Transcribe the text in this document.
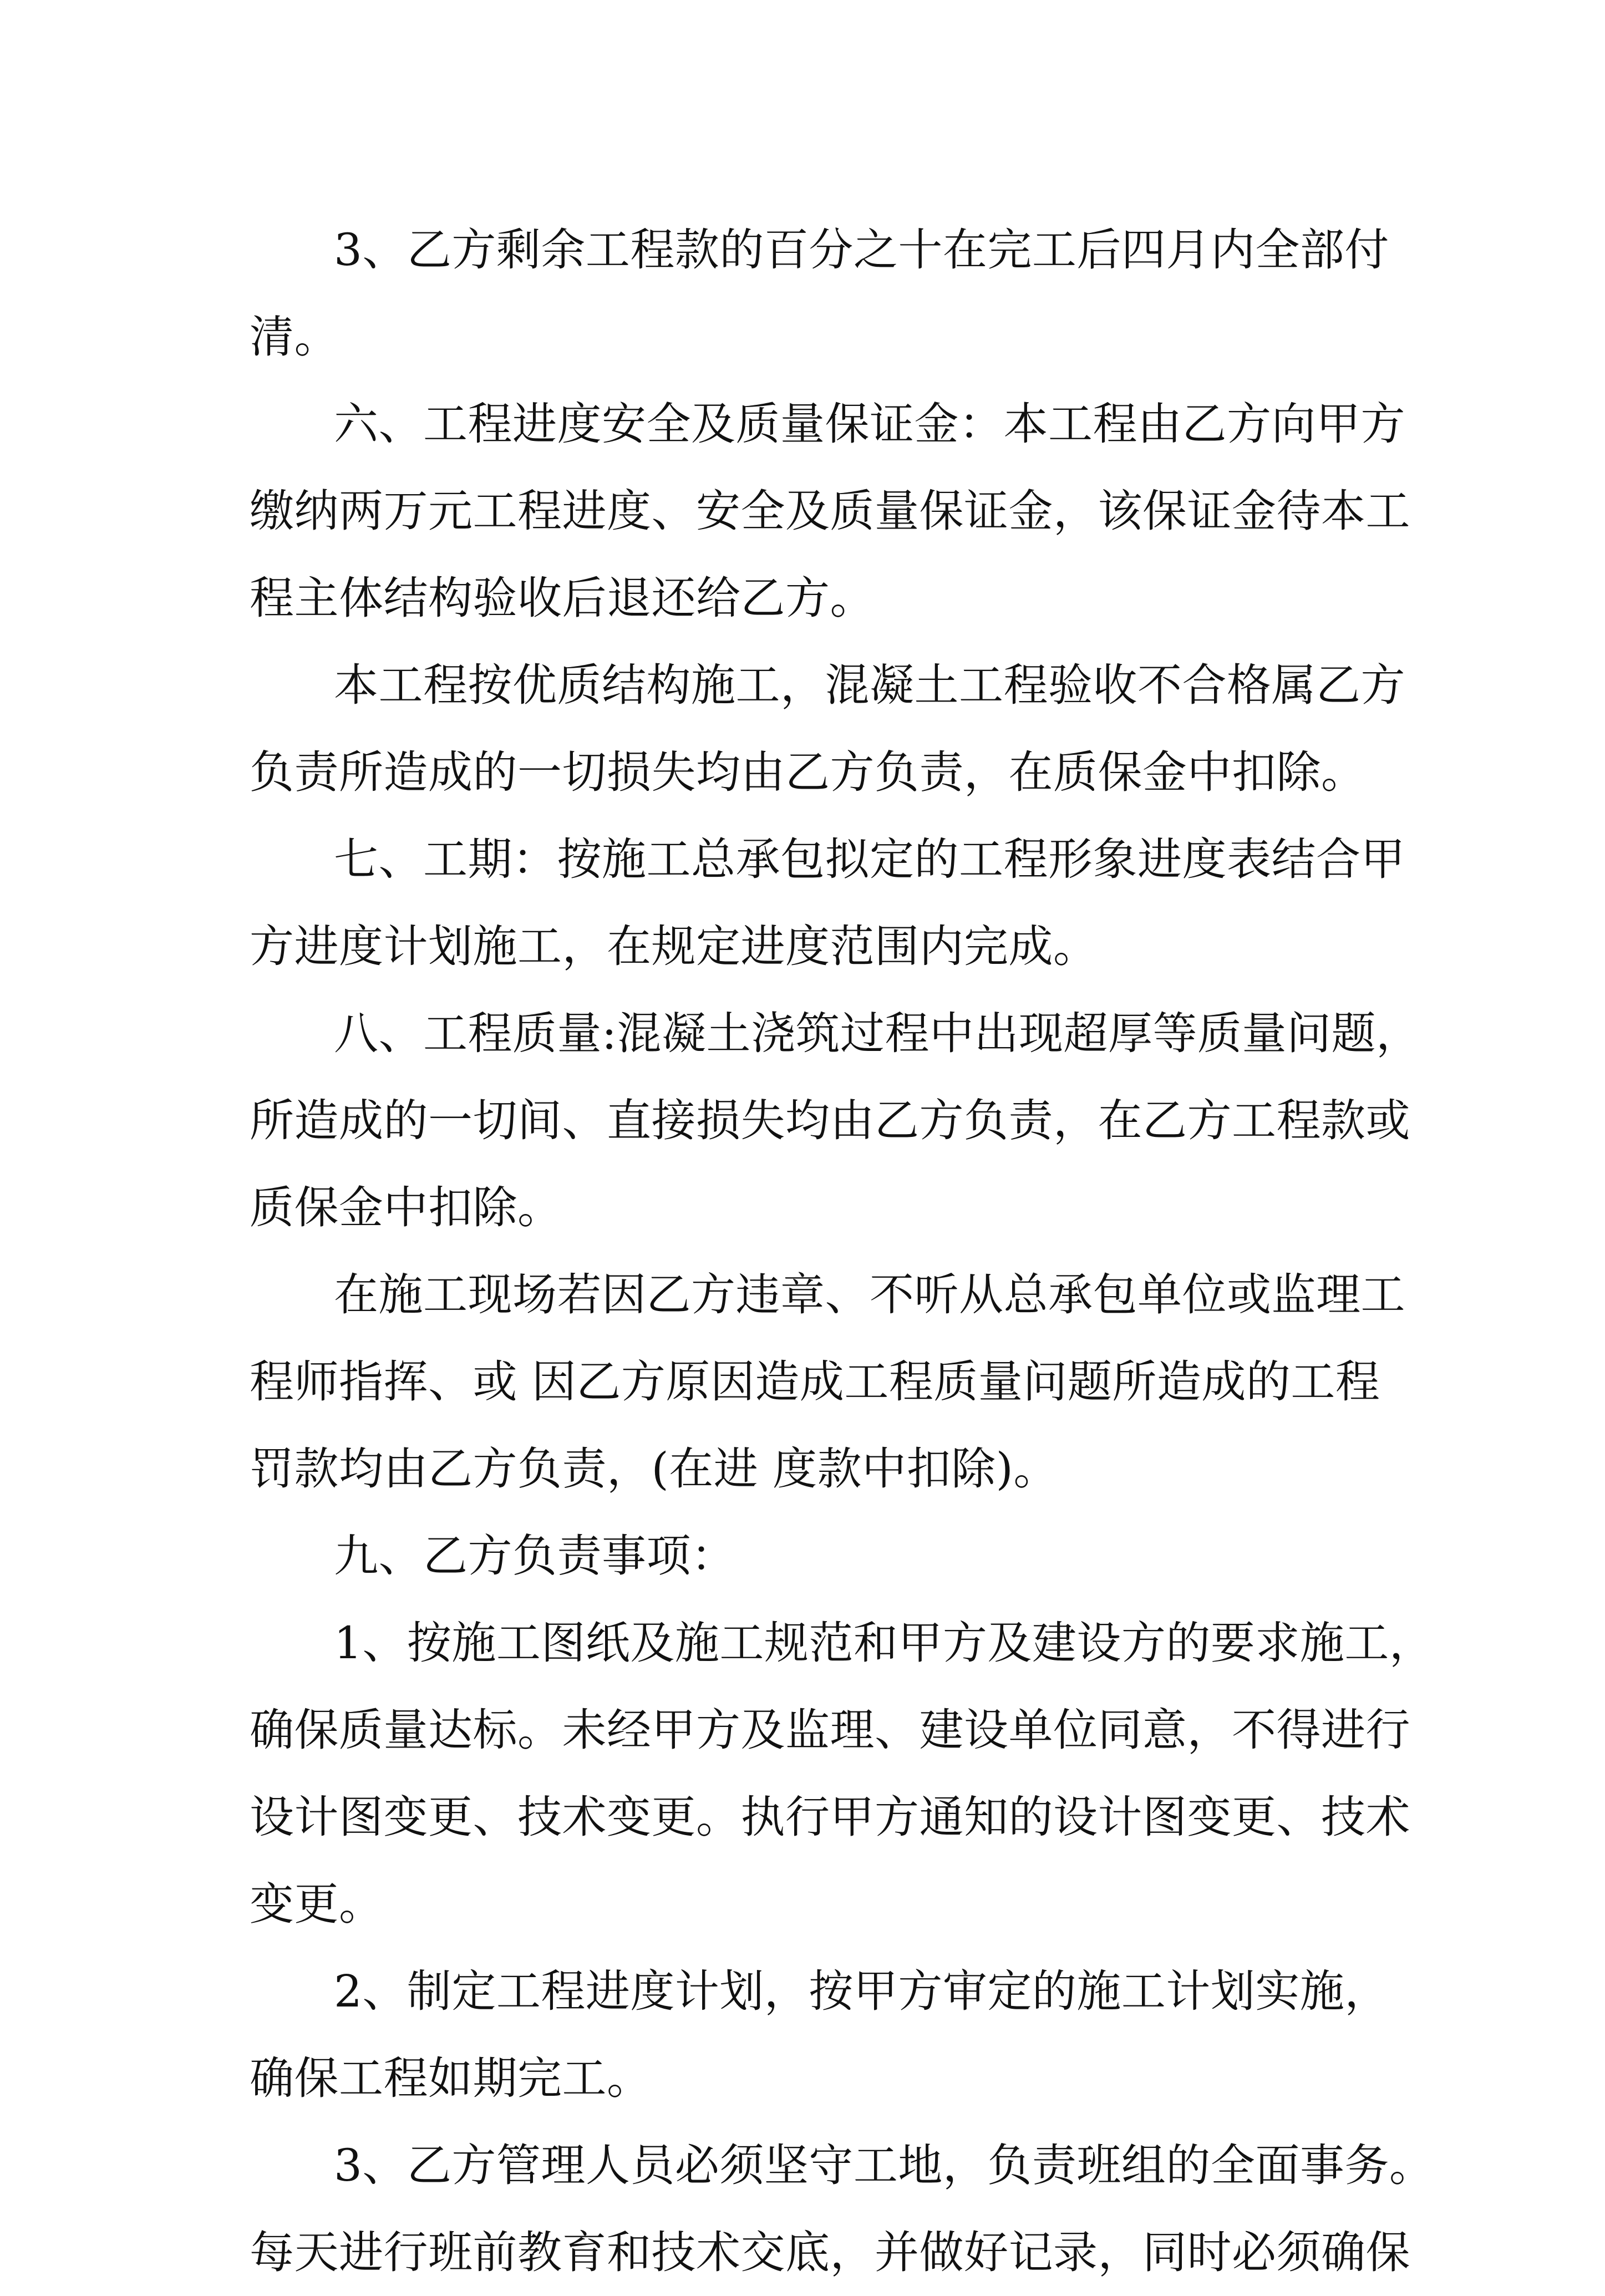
3、乙方剩余工程款的百分之十在完工后四月内全部付
清。

六、工程进度安全及质量保证金：本工程由乙方向甲方
缴纳两万元工程进度、安全及质量保证金，该保证金待本工
程主体结构验收后退还给乙方。

本工程按优质结构施工，混凝土工程验收不合格属乙方
负责所造成的一切损失均由乙方负责，在质保金中扣除。

七、工期：按施工总承包拟定的工程形象进度表结合甲
方进度计划施工，在规定进度范围内完成。

八、工程质量:混凝土浇筑过程中出现超厚等质量问题，
所造成的一切间、直接损失均由乙方负责，在乙方工程款或
质保金中扣除。

在施工现场若因乙方违章、不听从总承包单位或监理工
程师指挥、或 因乙方原因造成工程质量问题所造成的工程
罚款均由乙方负责，(在进 度款中扣除)。

九、乙方负责事项：

1、按施工图纸及施工规范和甲方及建设方的要求施工，
确保质量达标。未经甲方及监理、建设单位同意，不得进行
设计图变更、技术变更。执行甲方通知的设计图变更、技术
变更。

2、制定工程进度计划，按甲方审定的施工计划实施，
确保工程如期完工。

3、乙方管理人员必须坚守工地，负责班组的全面事务。
每天进行班前教育和技术交底，并做好记录，同时必须确保
